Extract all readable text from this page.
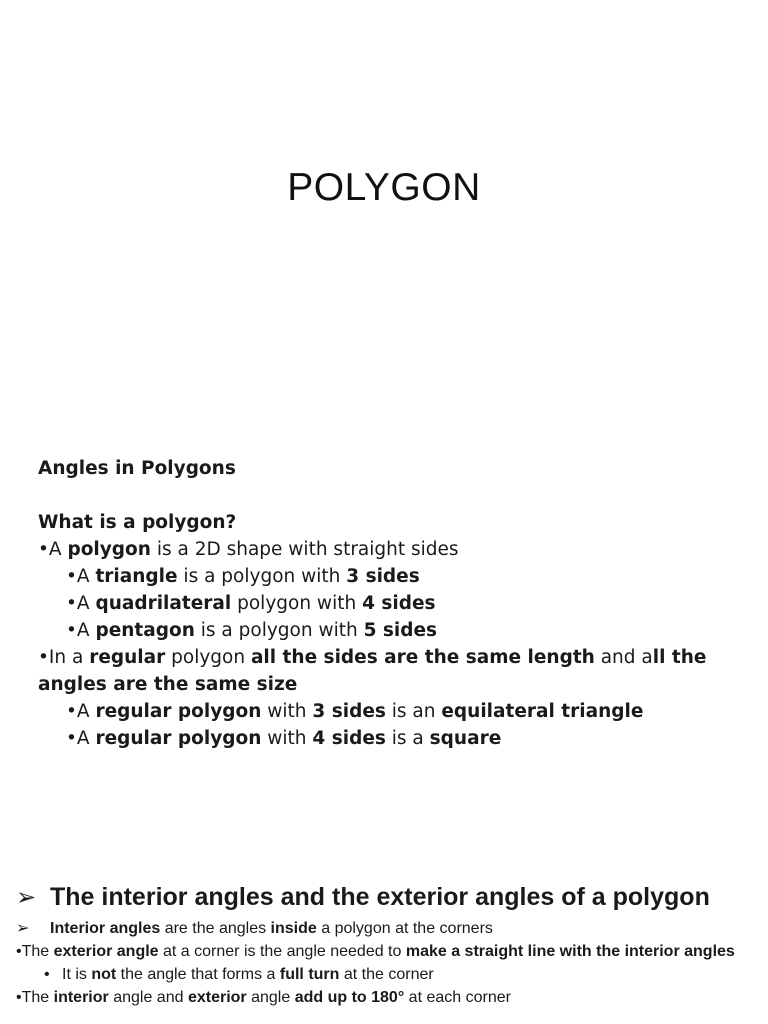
POLYGON
Angles in Polygons
What is a polygon?
•A polygon is a 2D shape with straight sides
•A triangle is a polygon with 3 sides
•A quadrilateral polygon with 4 sides
•A pentagon is a polygon with 5 sides
•In a regular polygon all the sides are the same length and all the angles are the same size
•A regular polygon with 3 sides is an equilateral triangle
•A regular polygon with 4 sides is a square
➢ The interior angles and the exterior angles of a polygon
➢ Interior angles are the angles inside a polygon at the corners
•The exterior angle at a corner is the angle needed to make a straight line with the interior angles
• It is not the angle that forms a full turn at the corner
•The interior angle and exterior angle add up to 180° at each corner
